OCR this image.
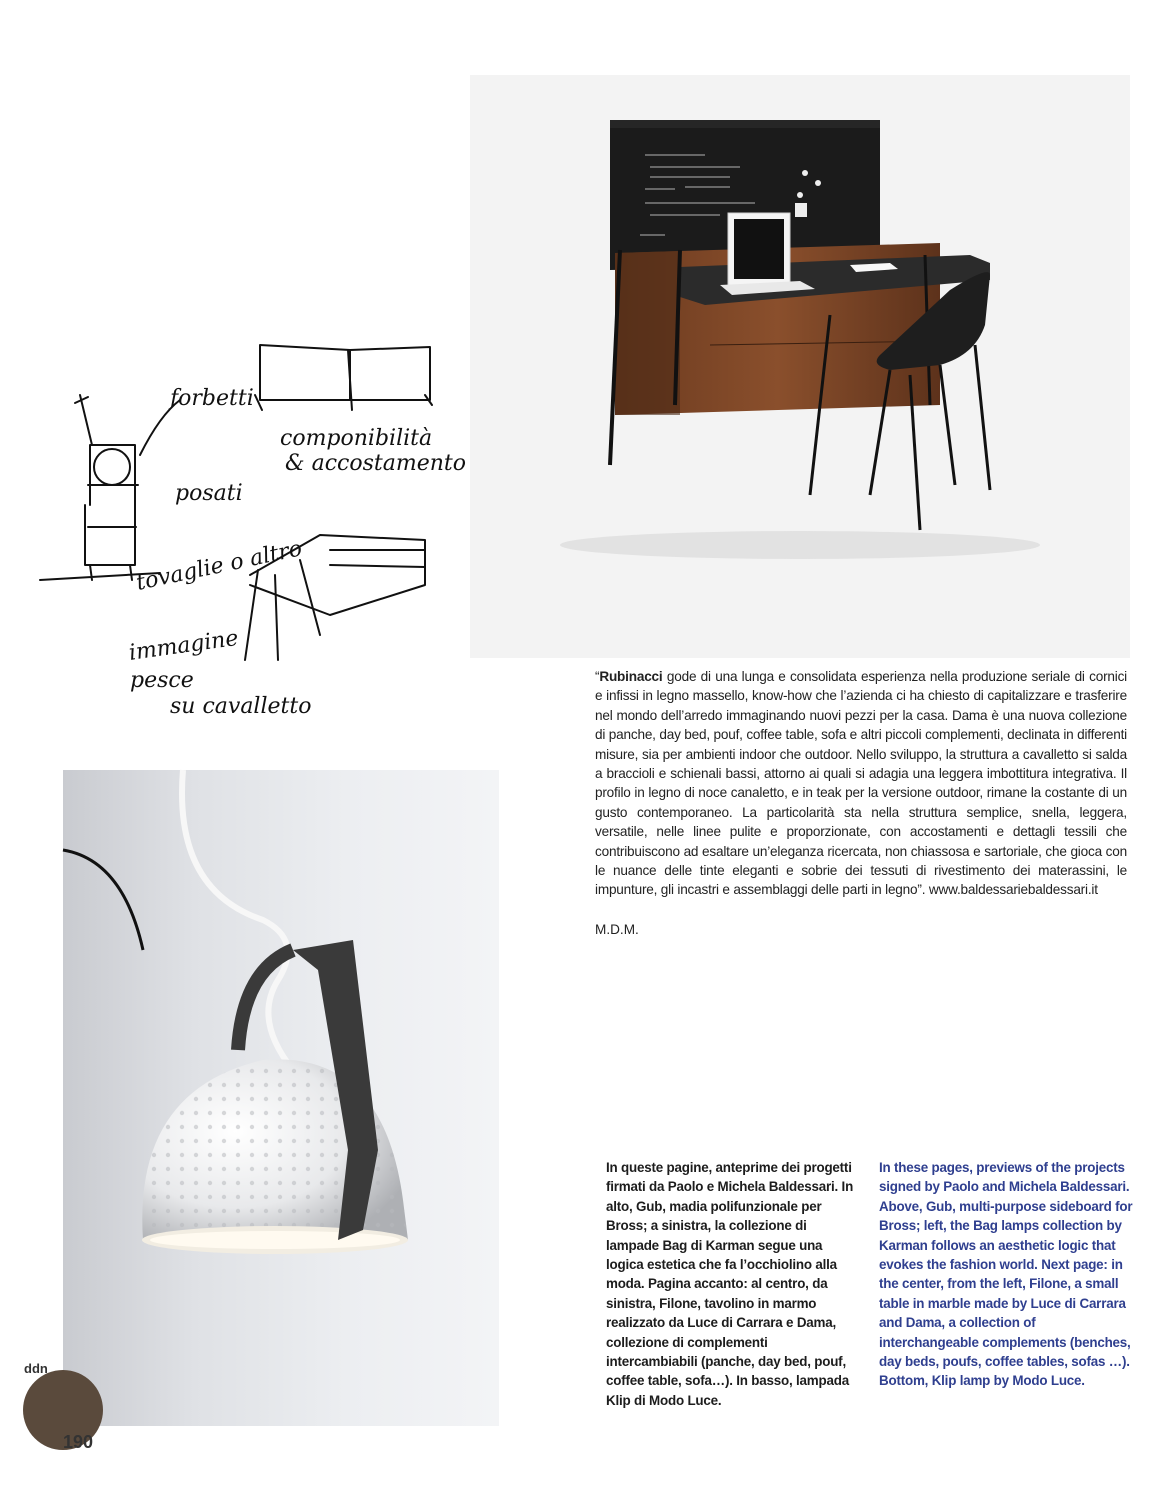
forbetti
posati
tovaglie o altro
componibilità
& accostamento
immagine
pesce
su cavalletto
“Rubinacci gode di una lunga e consolidata esperienza nella produzione seriale di cornici e infissi in legno massello, know-how che l’azienda ci ha chiesto di capitalizzare e trasferire nel mondo dell’arredo immaginando nuovi pezzi per la casa. Dama è una nuova collezione di panche, day bed, pouf, coffee table, sofa e altri piccoli complementi, declinata in differenti misure, sia per ambienti indoor che outdoor. Nello sviluppo, la struttura a cavalletto si salda a braccioli e schienali bassi, attorno ai quali si adagia una leggera imbottitura integrativa. Il profilo in legno di noce canaletto, e in teak per la versione outdoor, rimane la costante di un gusto contemporaneo. La particolarità sta nella struttura semplice, snella, leggera, versatile, nelle linee pulite e proporzionate, con accostamenti e dettagli tessili che contribuiscono ad esaltare un’eleganza ricercata, non chiassosa e sartoriale, che gioca con le nuance delle tinte eleganti e sobrie dei tessuti di rivestimento dei materassini, le impunture, gli incastri e assemblaggi delle parti in legno”. www.baldessariebaldessari.it
M.D.M.
In queste pagine, anteprime dei progetti firmati da Paolo e Michela Baldessari. In alto, Gub, madia polifunzionale per Bross; a sinistra, la collezione di lampade Bag di Karman segue una logica estetica che fa l’occhiolino alla moda. Pagina accanto: al centro, da sinistra, Filone, tavolino in marmo realizzato da Luce di Carrara e Dama, collezione di complementi intercambiabili (panche, day bed, pouf, coffee table, sofa…). In basso, lampada Klip di Modo Luce.
In these pages, previews of the projects signed by Paolo and Michela Baldessari. Above, Gub, multi-purpose sideboard for Bross; left, the Bag lamps collection by Karman follows an aesthetic logic that evokes the fashion world. Next page: in the center, from the left, Filone, a small table in marble made by Luce di Carrara and Dama, a collection of interchangeable complements (benches, day beds, poufs, coffee tables, sofas …). Bottom, Klip lamp by Modo Luce.
ddn
190
